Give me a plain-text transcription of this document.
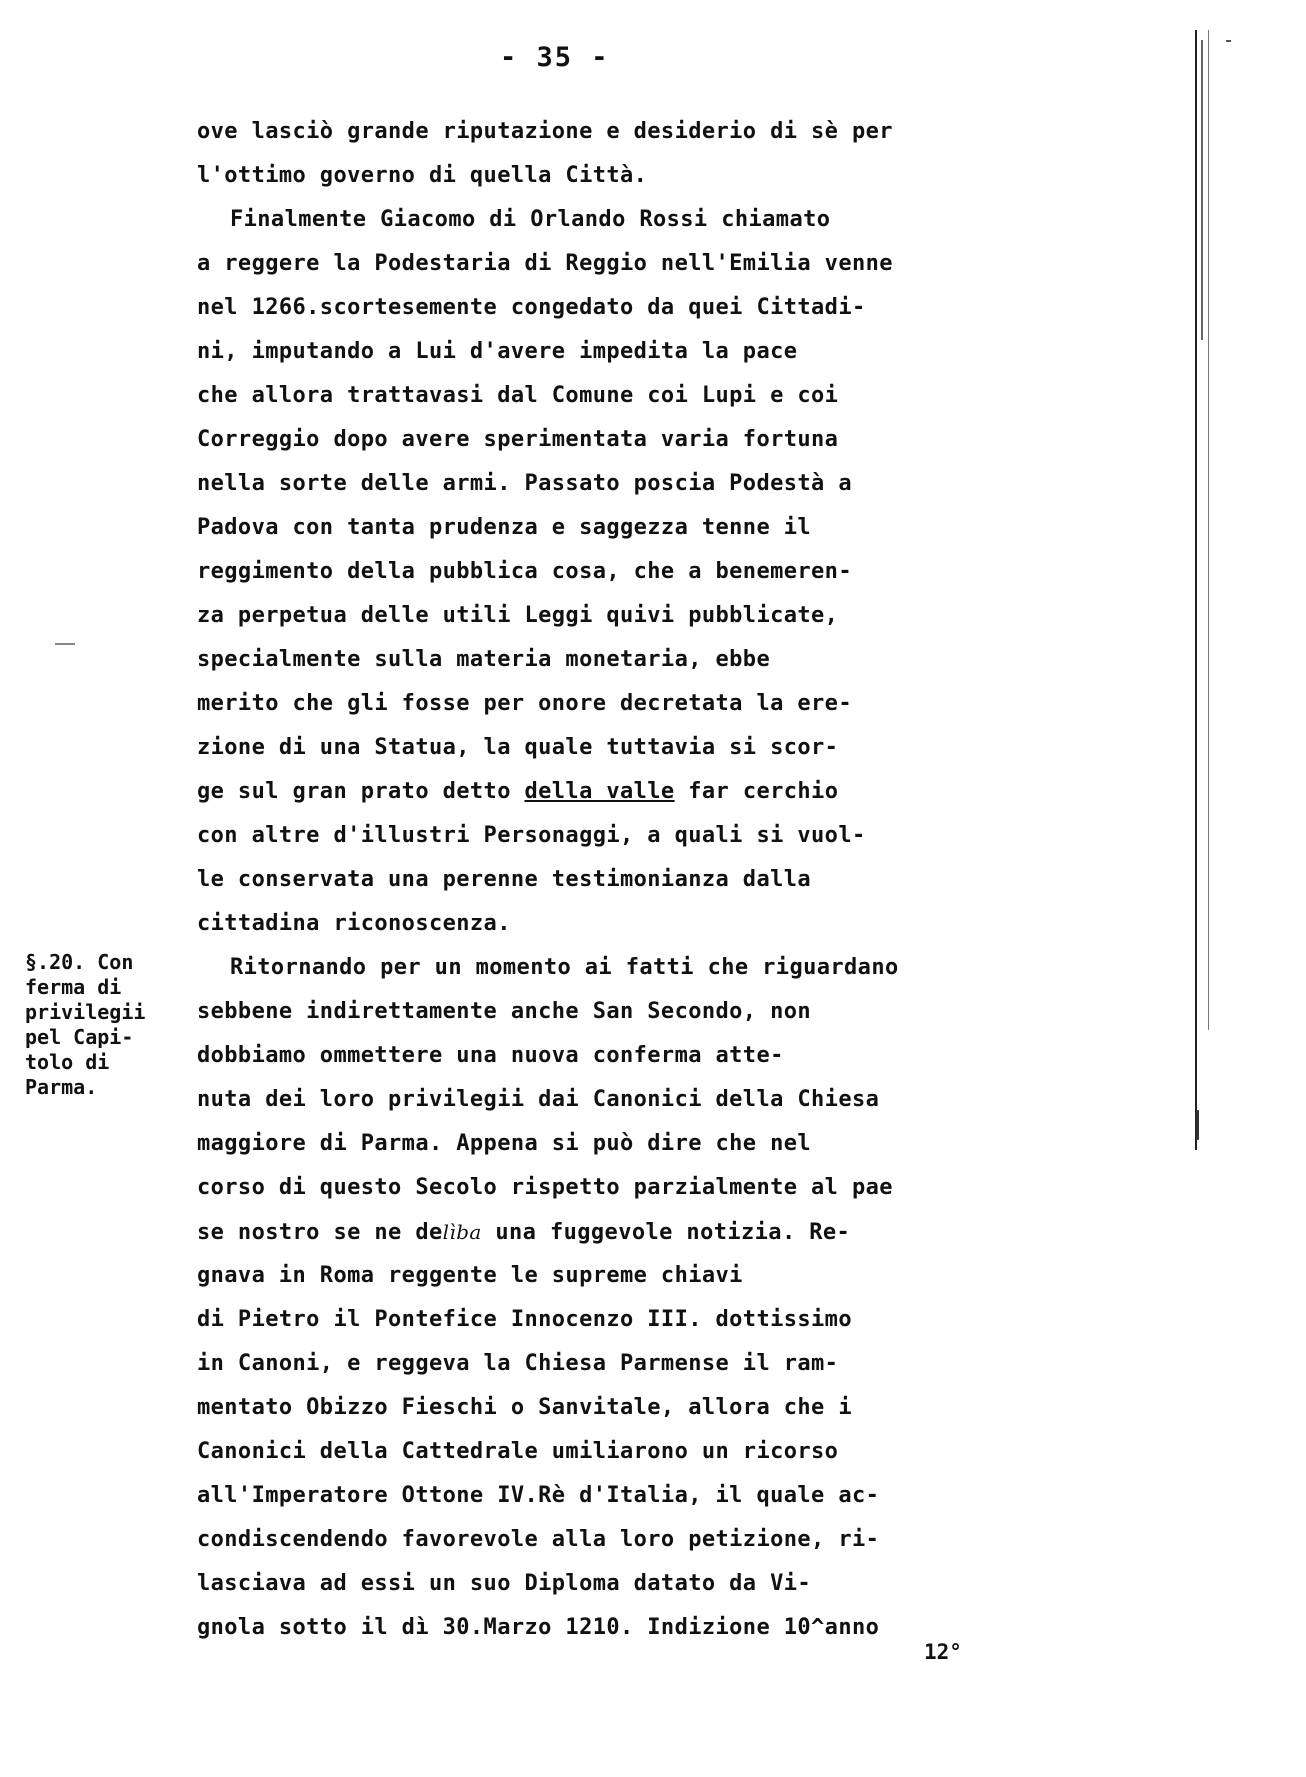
- 35 -
ove lasciò grande riputazione e desiderio di sè per
l'ottimo governo di quella Città.
Finalmente Giacomo di Orlando Rossi chiamato
a reggere la Podestaria di Reggio nell'Emilia venne
nel 1266.scortesemente congedato da quei Cittadi-
ni, imputando a Lui d'avere impedita la pace
che allora trattavasi dal Comune coi Lupi e coi
Correggio dopo avere sperimentata varia fortuna
nella sorte delle armi. Passato poscia Podestà a
Padova con tanta prudenza e saggezza tenne il
reggimento della pubblica cosa, che a benemeren-
za perpetua delle utili Leggi quivi pubblicate,
specialmente sulla materia monetaria, ebbe
merito che gli fosse per onore decretata la ere-
zione di una Statua, la quale tuttavia si scor-
ge sul gran prato detto della valle far cerchio
con altre d'illustri Personaggi, a quali si vuol-
le conservata una perenne testimonianza dalla
cittadina riconoscenza.
Ritornando per un momento ai fatti che riguardano
sebbene indirettamente anche San Secondo, non
dobbiamo ommettere una nuova conferma atte-
nuta dei loro privilegii dai Canonici della Chiesa
maggiore di Parma. Appena si può dire che nel
corso di questo Secolo rispetto parzialmente al pae
se nostro se ne delìba una fuggevole notizia. Re-
gnava in Roma reggente le supreme chiavi
di Pietro il Pontefice Innocenzo III. dottissimo
in Canoni, e reggeva la Chiesa Parmense il ram-
mentato Obizzo Fieschi o Sanvitale, allora che i
Canonici della Cattedrale umiliarono un ricorso
all'Imperatore Ottone IV.Rè d'Italia, il quale ac-
condiscendendo favorevole alla loro petizione, ri-
lasciava ad essi un suo Diploma datato da Vi-
gnola sotto il dì 30.Marzo 1210. Indizione 10^anno
§.20. Con
ferma di
privilegii
pel Capi-
tolo di
Parma.
12°
